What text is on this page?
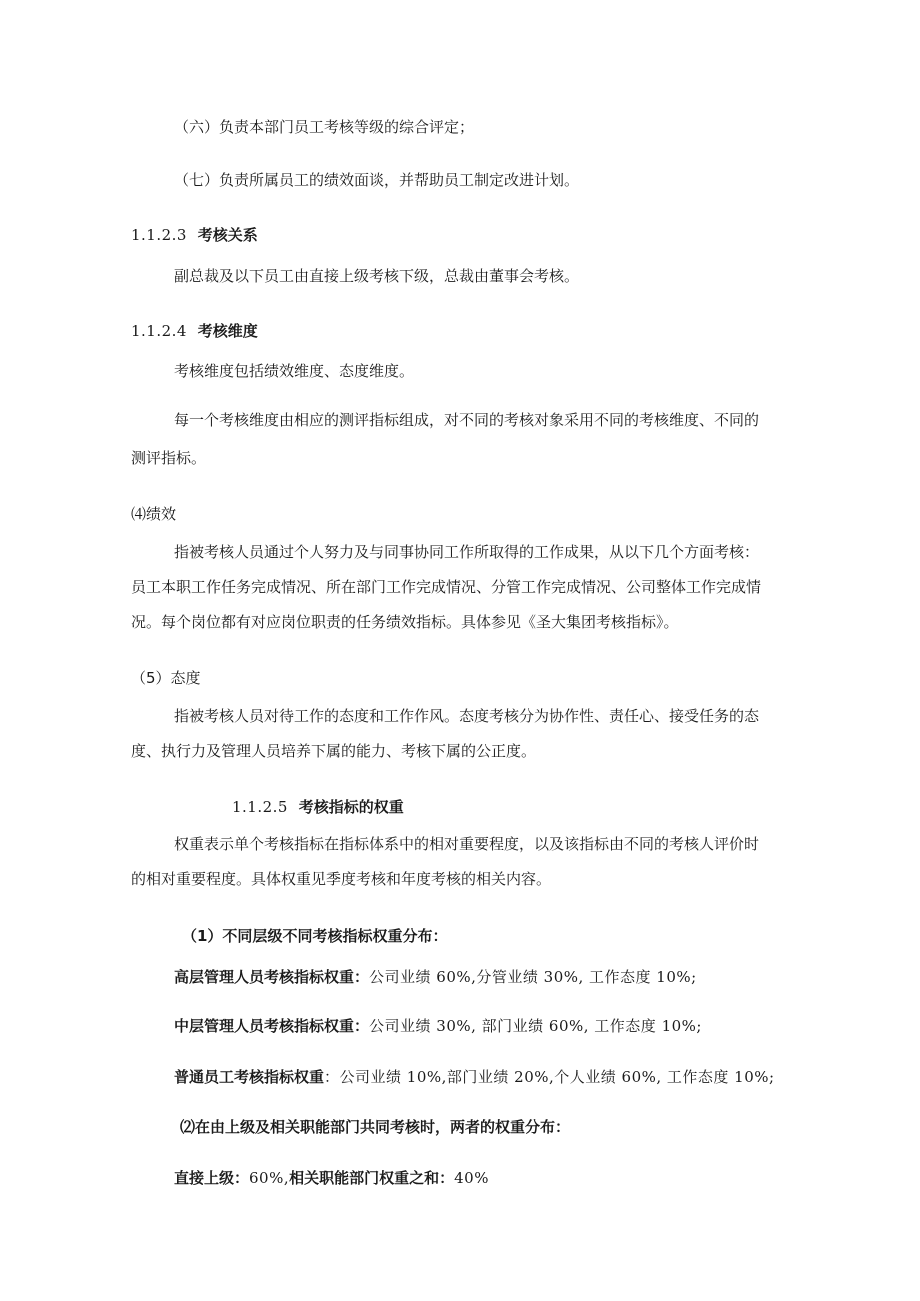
（六）负责本部门员工考核等级的综合评定；
（七）负责所属员工的绩效面谈，并帮助员工制定改进计划。
1.1.2.3 考核关系
副总裁及以下员工由直接上级考核下级，总裁由董事会考核。
1.1.2.4 考核维度
考核维度包括绩效维度、态度维度。
每一个考核维度由相应的测评指标组成，对不同的考核对象采用不同的考核维度、不同的
测评指标。
⑷绩效
指被考核人员通过个人努力及与同事协同工作所取得的工作成果，从以下几个方面考核：
员工本职工作任务完成情况、所在部门工作完成情况、分管工作完成情况、公司整体工作完成情
况。每个岗位都有对应岗位职责的任务绩效指标。具体参见《圣大集团考核指标》。
（5）态度
指被考核人员对待工作的态度和工作作风。态度考核分为协作性、责任心、接受任务的态
度、执行力及管理人员培养下属的能力、考核下属的公正度。
1.1.2.5 考核指标的权重
权重表示单个考核指标在指标体系中的相对重要程度，以及该指标由不同的考核人评价时
的相对重要程度。具体权重见季度考核和年度考核的相关内容。
（1）不同层级不同考核指标权重分布：
高层管理人员考核指标权重：公司业绩 60%,分管业绩 30%, 工作态度 10%;
中层管理人员考核指标权重：公司业绩 30%, 部门业绩 60%, 工作态度 10%;
普通员工考核指标权重：公司业绩 10%,部门业绩 20%,个人业绩 60%, 工作态度 10%;
⑵在由上级及相关职能部门共同考核时，两者的权重分布：
直接上级：60%,相关职能部门权重之和：40%
